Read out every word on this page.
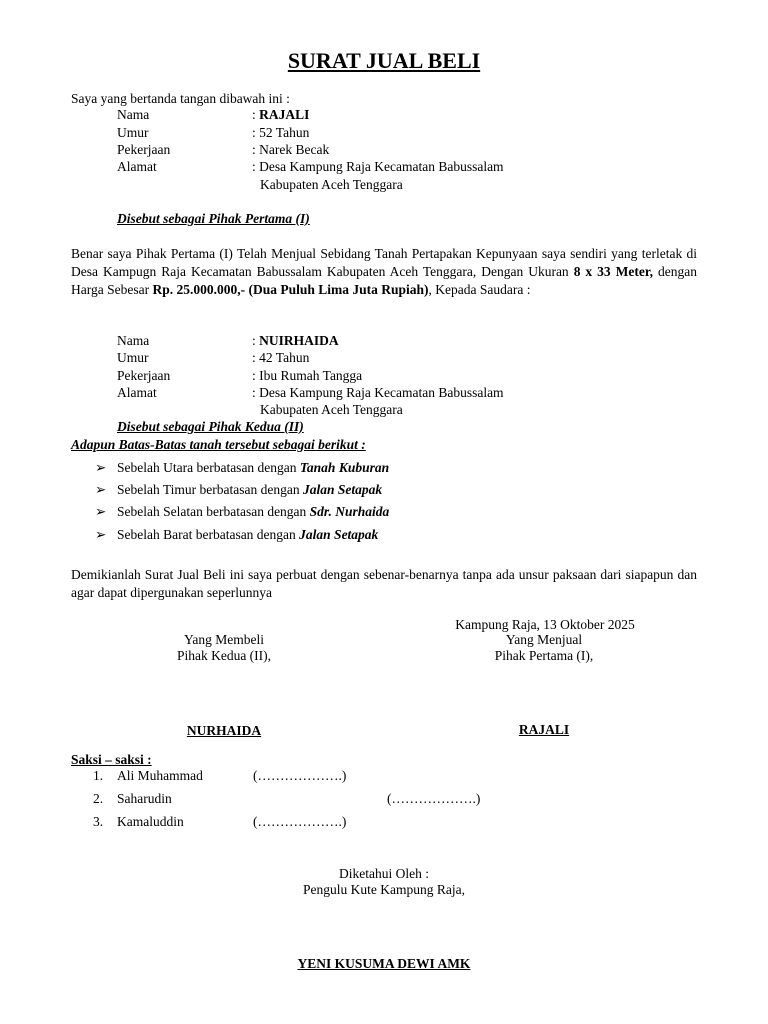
SURAT JUAL BELI
Saya yang bertanda tangan dibawah ini :
Nama	: RAJALI
Umur	: 52 Tahun
Pekerjaan	: Narek Becak
Alamat	: Desa Kampung Raja Kecamatan Babussalam
Kabupaten Aceh Tenggara
Disebut sebagai Pihak Pertama (I)
Benar saya Pihak Pertama (I) Telah Menjual Sebidang Tanah Pertapakan Kepunyaan saya sendiri yang terletak di Desa Kampugn Raja Kecamatan Babussalam Kabupaten Aceh Tenggara, Dengan Ukuran 8 x 33 Meter, dengan Harga Sebesar Rp. 25.000.000,- (Dua Puluh Lima Juta Rupiah), Kepada Saudara :
Nama	: NUIRHAIDA
Umur	: 42 Tahun
Pekerjaan	: Ibu Rumah Tangga
Alamat	: Desa Kampung Raja Kecamatan Babussalam
Kabupaten Aceh Tenggara
Disebut sebagai Pihak Kedua (II)
Adapun Batas-Batas tanah tersebut sebagai berikut :
➢ Sebelah Utara berbatasan dengan Tanah Kuburan
➢ Sebelah Timur berbatasan dengan Jalan Setapak
➢ Sebelah Selatan berbatasan dengan Sdr. Nurhaida
➢ Sebelah Barat berbatasan dengan Jalan Setapak
Demikianlah Surat Jual Beli ini saya perbuat dengan sebenar-benarnya tanpa ada unsur paksaan dari siapapun dan agar dapat dipergunakan seperlunnya
Kampung Raja, 13 Oktober 2025
Yang Membeli
Pihak Kedua (II),
NURHAIDA
Yang Menjual
Pihak Pertama (I),
RAJALI
Saksi – saksi :
1. Ali Muhammad	(……………….)
2. Saharudin	(……………….)
3. Kamaluddin	(……………….)
Diketahui Oleh :
Pengulu Kute Kampung Raja,
YENI KUSUMA DEWI AMK
